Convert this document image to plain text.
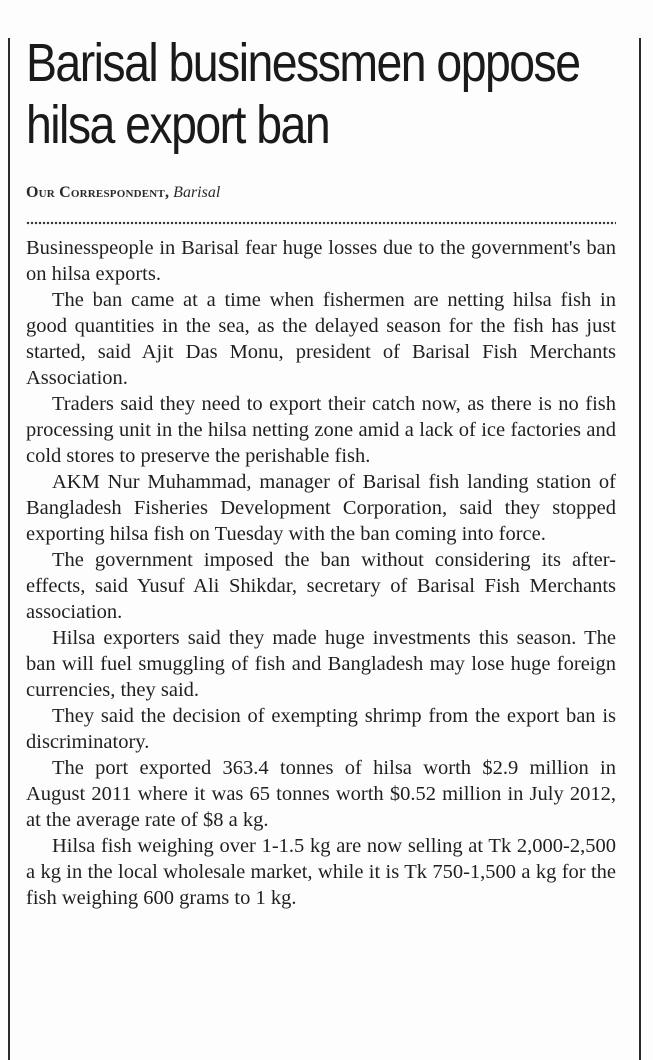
Barisal businessmen oppose
hilsa export ban
Our Correspondent, Barisal

Businesspeople in Barisal fear huge losses due to the government's ban on hilsa exports.

The ban came at a time when fishermen are netting hilsa fish in good quantities in the sea, as the delayed season for the fish has just started, said Ajit Das Monu, president of Barisal Fish Merchants Association.

Traders said they need to export their catch now, as there is no fish processing unit in the hilsa netting zone amid a lack of ice factories and cold stores to preserve the perishable fish.

AKM Nur Muhammad, manager of Barisal fish landing station of Bangladesh Fisheries Development Corporation, said they stopped exporting hilsa fish on Tuesday with the ban coming into force.

The government imposed the ban without considering its after-effects, said Yusuf Ali Shikdar, secretary of Barisal Fish Merchants association.

Hilsa exporters said they made huge investments this season. The ban will fuel smuggling of fish and Bangladesh may lose huge foreign currencies, they said.

They said the decision of exempting shrimp from the export ban is discriminatory.

The port exported 363.4 tonnes of hilsa worth $2.9 million in August 2011 where it was 65 tonnes worth $0.52 million in July 2012, at the average rate of $8 a kg.

Hilsa fish weighing over 1-1.5 kg are now selling at Tk 2,000-2,500 a kg in the local wholesale market, while it is Tk 750-1,500 a kg for the fish weighing 600 grams to 1 kg.
